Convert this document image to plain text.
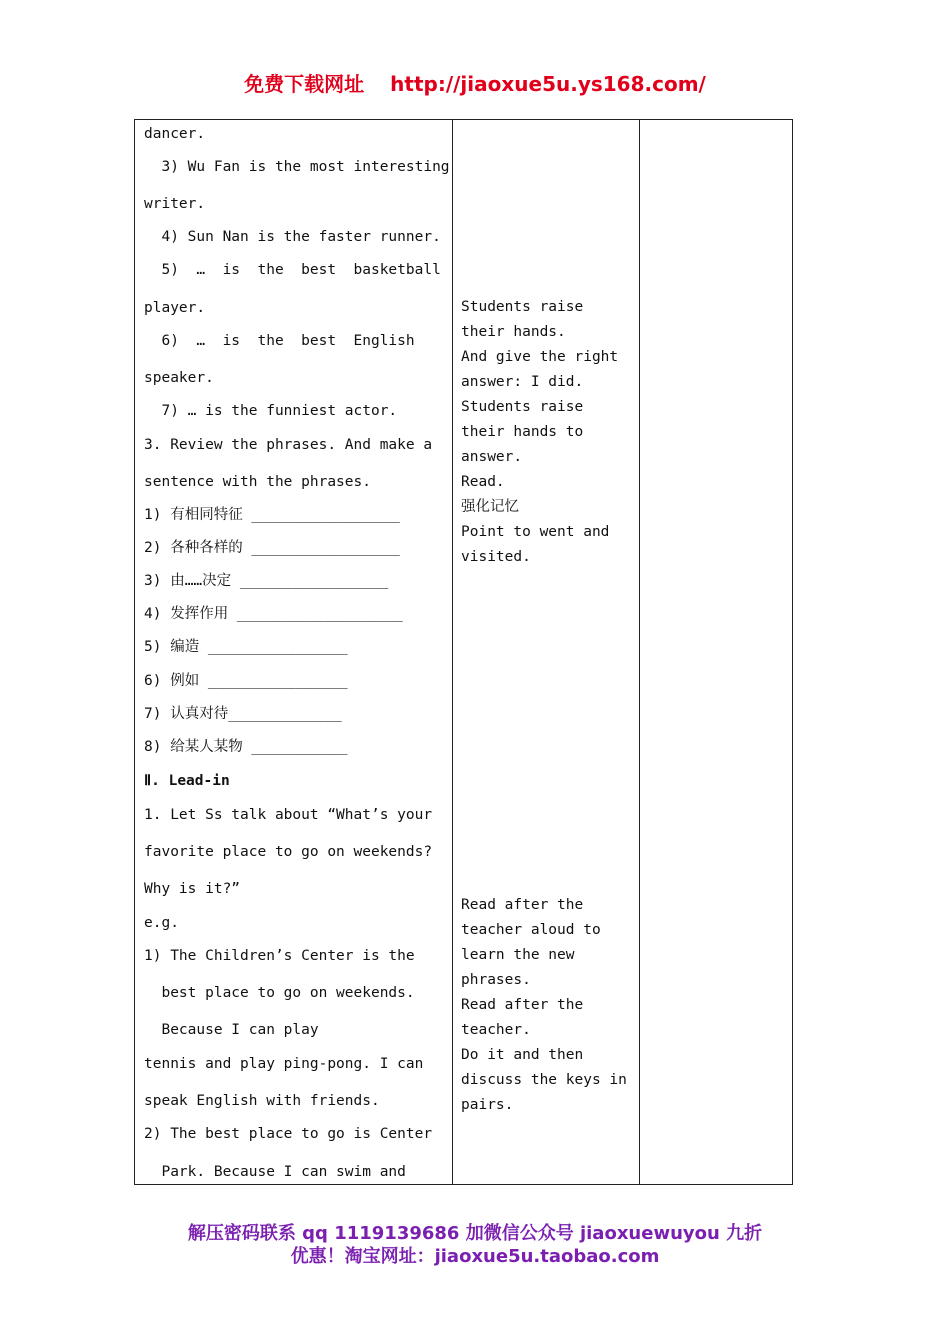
免费下载网址 http://jiaoxue5u.ys168.com/
dancer.
3) Wu Fan is the most interesting
writer.
4) Sun Nan is the faster runner.
5)  …  is  the  best  basketball
player.
6)  …  is  the  best  English
speaker.
7) … is the funniest actor.
3. Review the phrases. And make a
sentence with the phrases.
1) 有相同特征 _________________
2) 各种各样的 _________________
3) 由……决定 _________________
4) 发挥作用 ___________________
5) 编造 ________________
6) 例如 ________________
7) 认真对待_____________
8) 给某人某物 ___________
Ⅱ. Lead-in
1. Let Ss talk about “What’s your
favorite place to go on weekends?
Why is it?”
e.g.
1) The Children’s Center is the
best place to go on weekends.
Because I can play
tennis and play ping-pong. I can
speak English with friends.
2) The best place to go is Center
Park. Because I can swim and
Students raise
their hands.
And give the right
answer: I did.
Students raise
their hands to
answer.
Read.
强化记忆
Point to went and
visited.
Read after the
teacher aloud to
learn the new
phrases.
Read after the
teacher.
Do it and then
discuss the keys in
pairs.
解压密码联系 qq 1119139686 加微信公众号 jiaoxuewuyou 九折
优惠！淘宝网址：jiaoxue5u.taobao.com
